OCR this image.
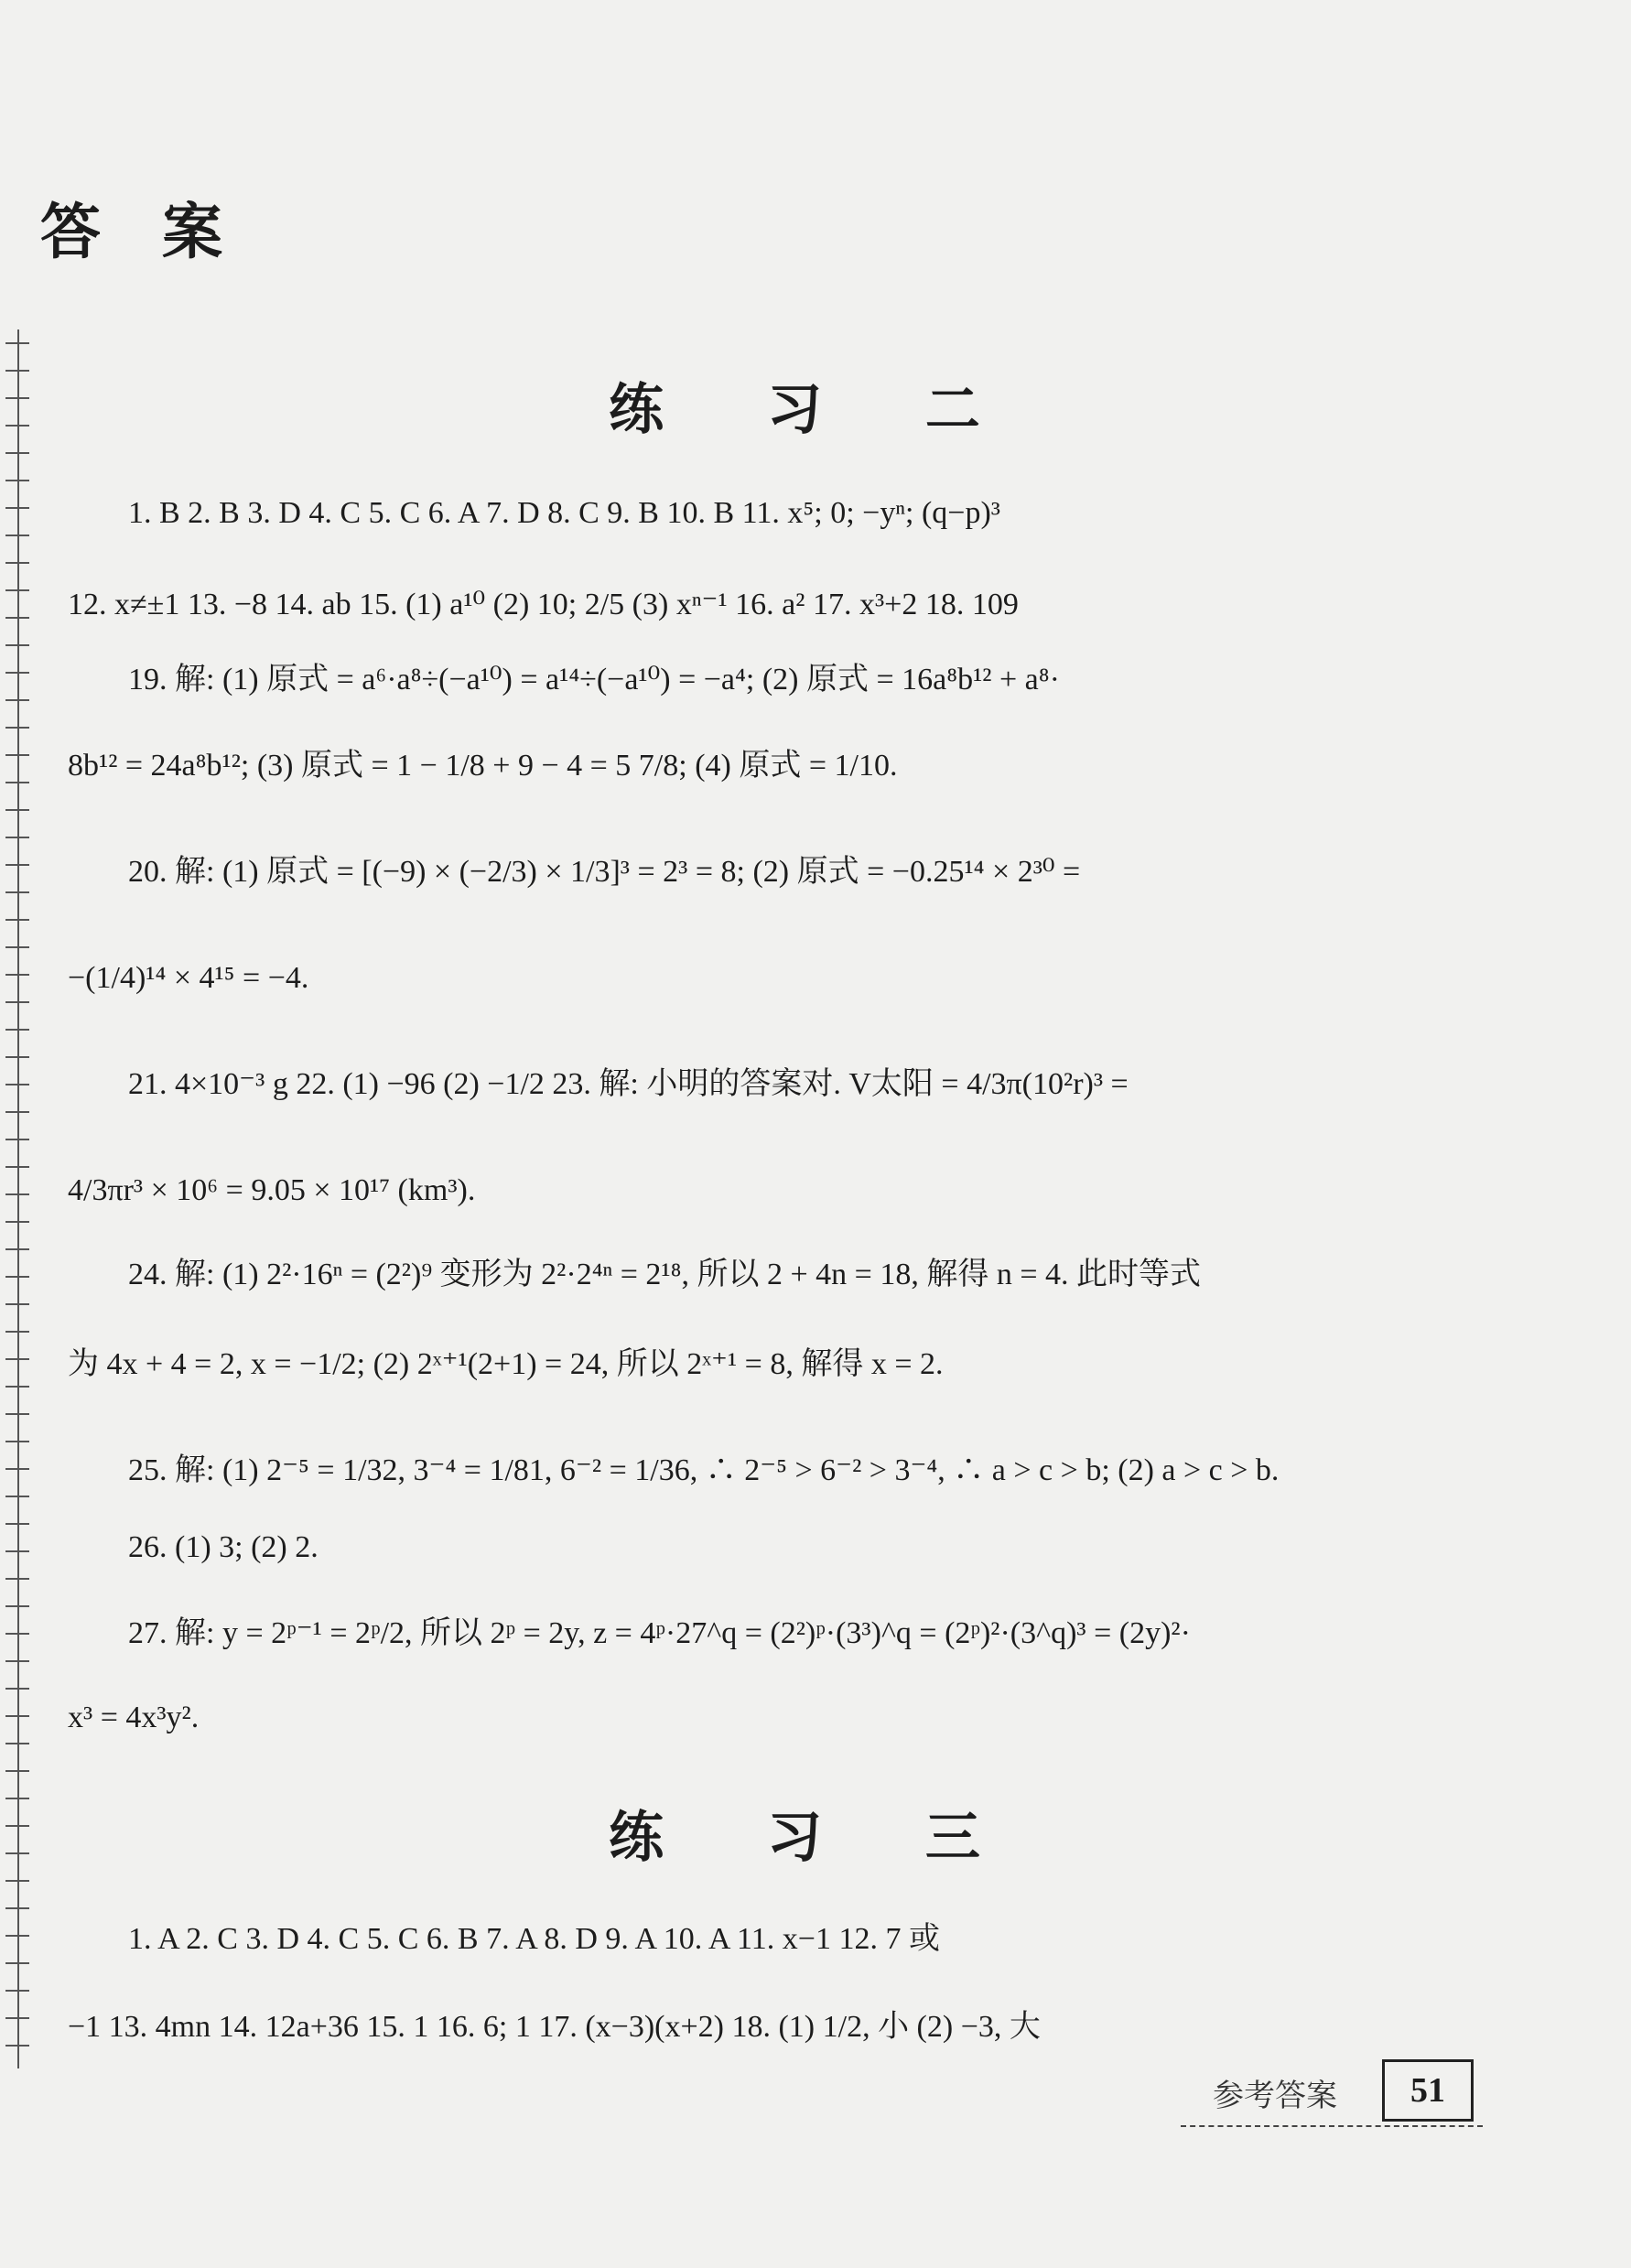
答 案
练 习 二
1. B 2. B 3. D 4. C 5. C 6. A 7. D 8. C 9. B 10. B 11. x⁵; 0; −yⁿ; (q−p)³
12. x≠±1 13. −8 14. ab 15. (1) a¹⁰ (2) 10; 2/5 (3) xⁿ⁻¹ 16. a² 17. x³+2 18. 109
19. 解: (1) 原式 = a⁶·a⁸÷(−a¹⁰) = a¹⁴÷(−a¹⁰) = −a⁴; (2) 原式 = 16a⁸b¹² + a⁸·
8b¹² = 24a⁸b¹²; (3) 原式 = 1 − 1/8 + 9 − 4 = 5 7/8; (4) 原式 = 1/10.
20. 解: (1) 原式 = [(−9) × (−2/3) × 1/3]³ = 2³ = 8; (2) 原式 = −0.25¹⁴ × 2³⁰ =
−(1/4)¹⁴ × 4¹⁵ = −4.
21. 4×10⁻³ g 22. (1) −96 (2) −1/2 23. 解: 小明的答案对. V太阳 = 4/3π(10²r)³ =
4/3πr³ × 10⁶ = 9.05 × 10¹⁷ (km³).
24. 解: (1) 2²·16ⁿ = (2²)⁹ 变形为 2²·2⁴ⁿ = 2¹⁸, 所以 2 + 4n = 18, 解得 n = 4. 此时等式
为 4x + 4 = 2, x = −1/2; (2) 2ˣ⁺¹(2+1) = 24, 所以 2ˣ⁺¹ = 8, 解得 x = 2.
25. 解: (1) 2⁻⁵ = 1/32, 3⁻⁴ = 1/81, 6⁻² = 1/36, ∴ 2⁻⁵ > 6⁻² > 3⁻⁴, ∴ a > c > b; (2) a > c > b.
26. (1) 3; (2) 2.
27. 解: y = 2ᵖ⁻¹ = 2ᵖ/2, 所以 2ᵖ = 2y, z = 4ᵖ·27^q = (2²)ᵖ·(3³)^q = (2ᵖ)²·(3^q)³ = (2y)²·
x³ = 4x³y².
练 习 三
1. A 2. C 3. D 4. C 5. C 6. B 7. A 8. D 9. A 10. A 11. x−1 12. 7 或
−1 13. 4mn 14. 12a+36 15. 1 16. 6; 1 17. (x−3)(x+2) 18. (1) 1/2, 小 (2) −3, 大
参考答案	51
